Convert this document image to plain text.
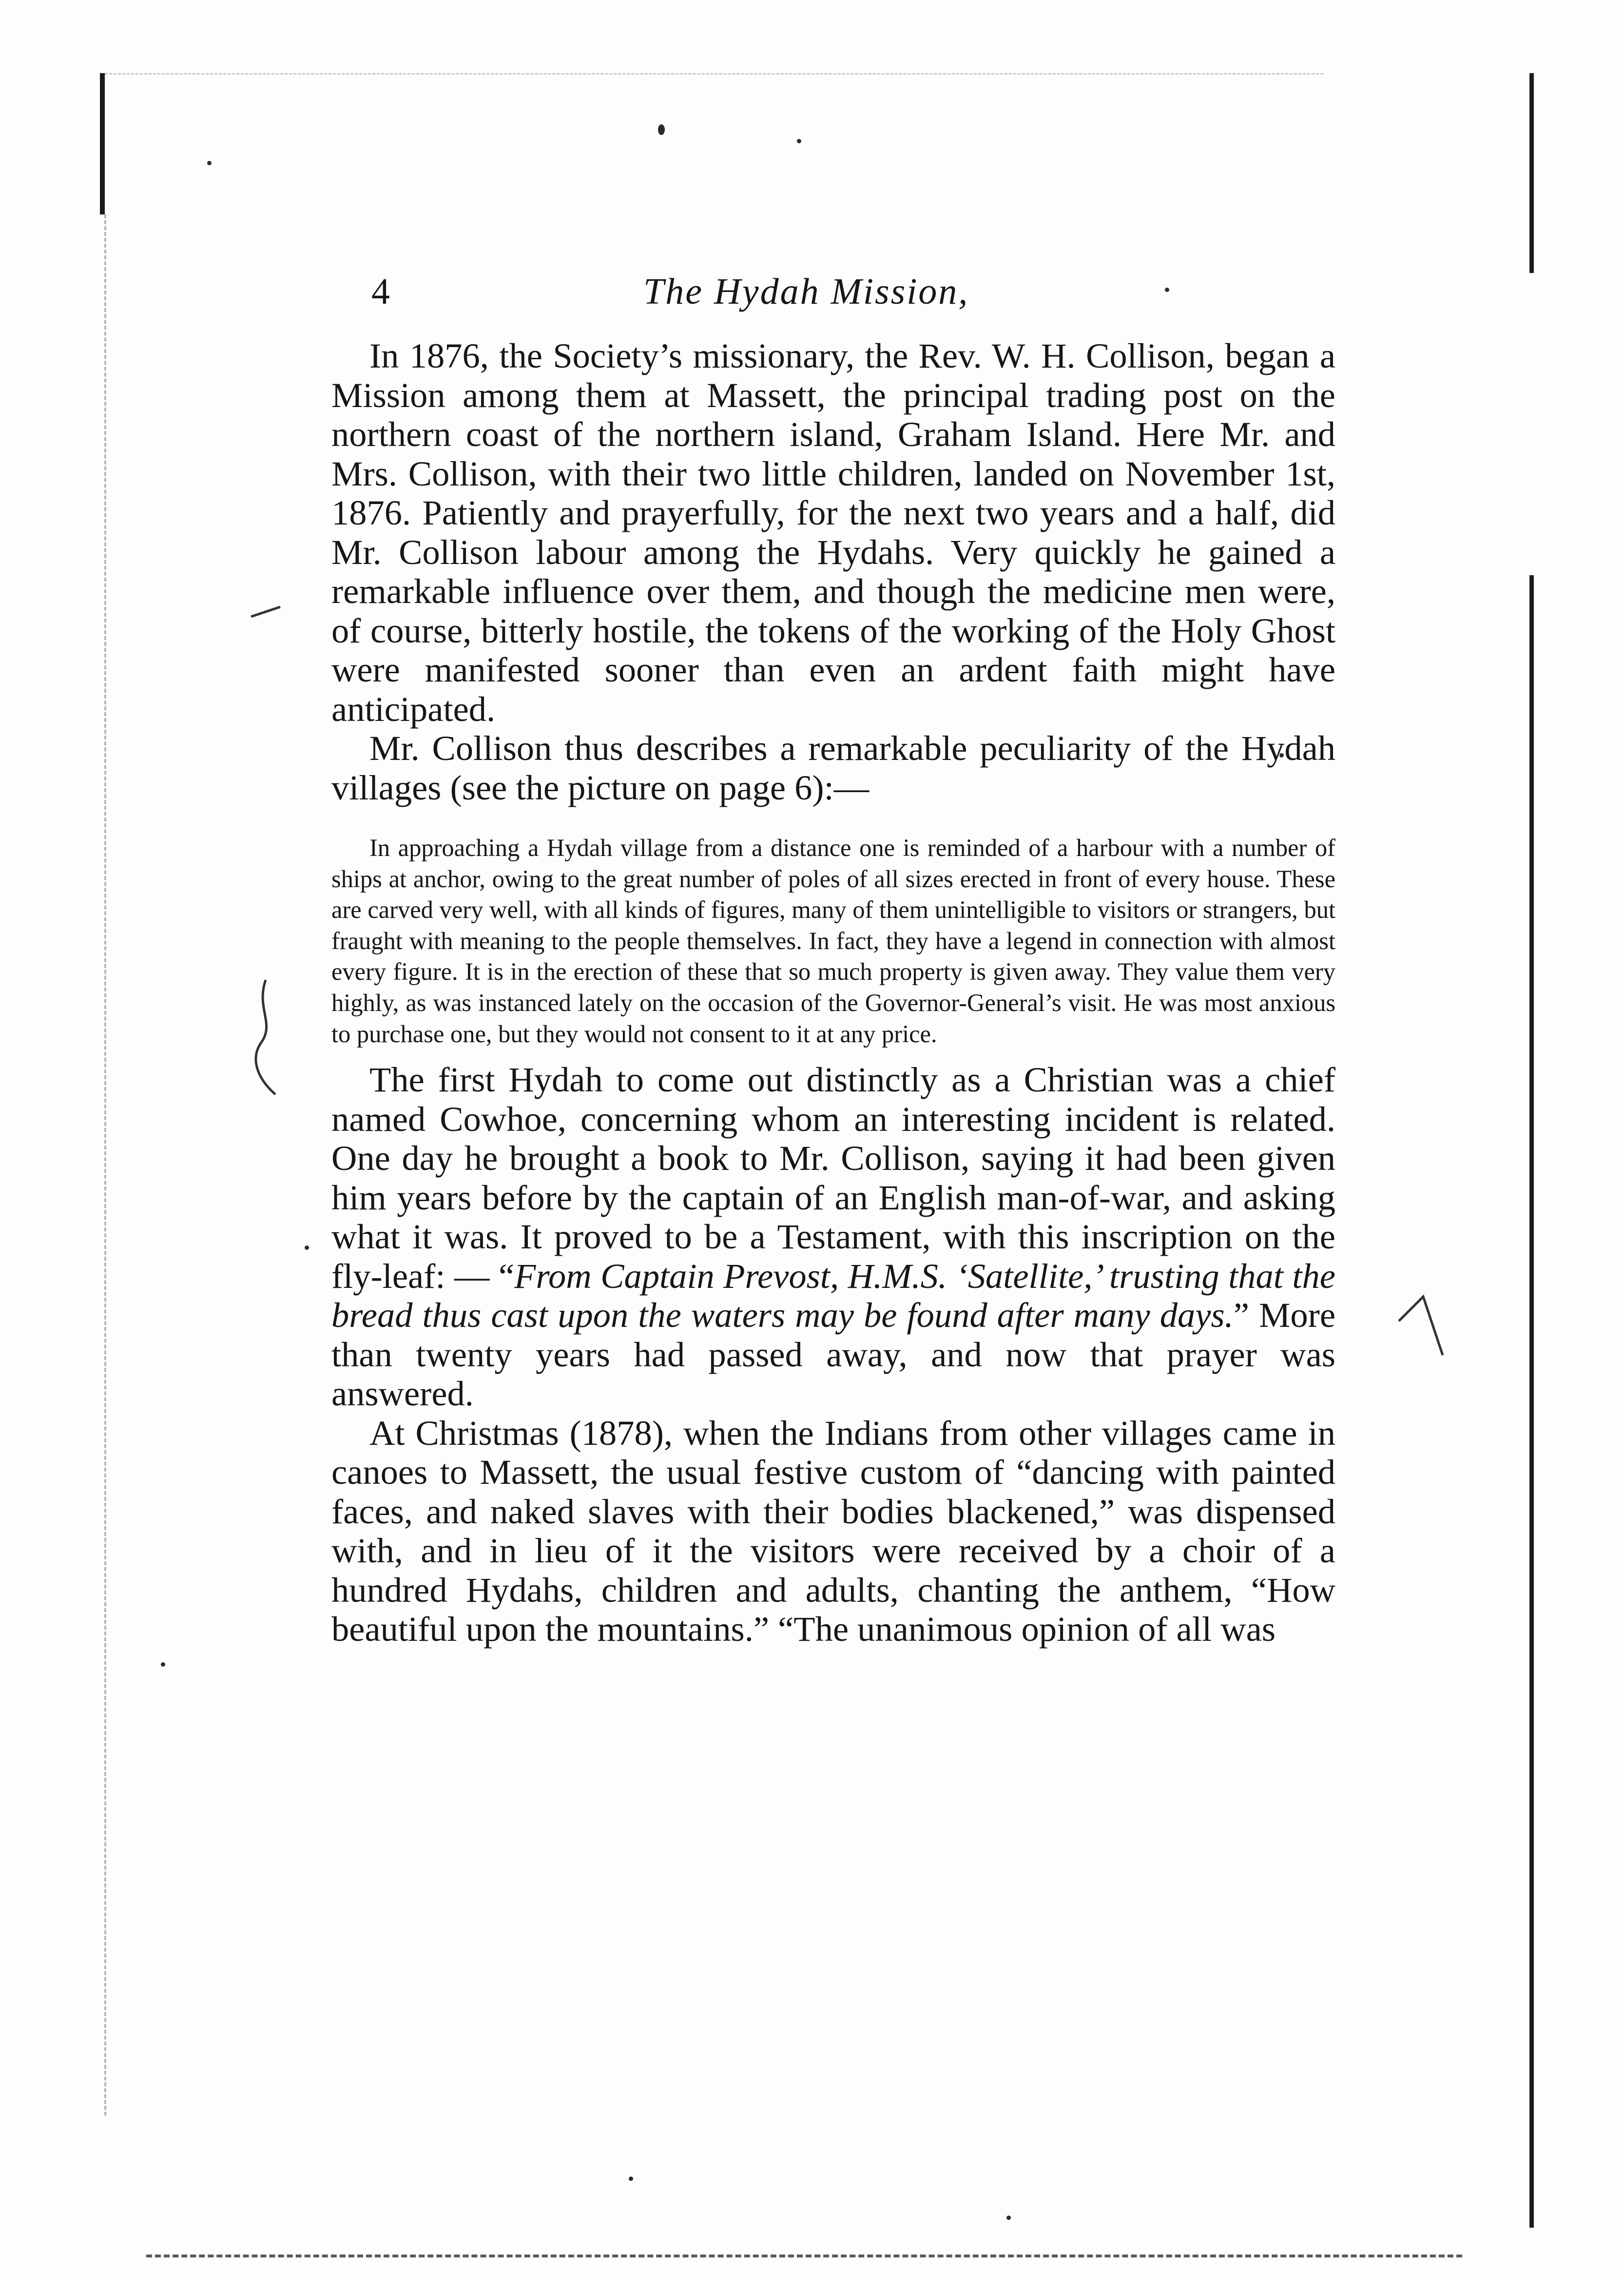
4	The Hydah Mission,

In 1876, the Society’s missionary, the Rev. W. H. Collison, began a Mission among them at Massett, the principal trading post on the northern coast of the northern island, Graham Island. Here Mr. and Mrs. Collison, with their two little children, landed on November 1st, 1876. Patiently and prayerfully, for the next two years and a half, did Mr. Collison labour among the Hydahs. Very quickly he gained a remarkable influence over them, and though the medicine men were, of course, bitterly hostile, the tokens of the working of the Holy Ghost were manifested sooner than even an ardent faith might have anticipated.

Mr. Collison thus describes a remarkable peculiarity of the Hydah villages (see the picture on page 6):—

In approaching a Hydah village from a distance one is reminded of a harbour with a number of ships at anchor, owing to the great number of poles of all sizes erected in front of every house. These are carved very well, with all kinds of figures, many of them unintelligible to visitors or strangers, but fraught with meaning to the people themselves. In fact, they have a legend in connection with almost every figure. It is in the erection of these that so much property is given away. They value them very highly, as was instanced lately on the occasion of the Governor-General’s visit. He was most anxious to purchase one, but they would not consent to it at any price.

The first Hydah to come out distinctly as a Christian was a chief named Cowhoe, concerning whom an interesting incident is related. One day he brought a book to Mr. Collison, saying it had been given him years before by the captain of an English man-of-war, and asking what it was. It proved to be a Testament, with this inscription on the fly-leaf: — “From Captain Prevost, H.M.S. ‘Satellite,’ trusting that the bread thus cast upon the waters may be found after many days.” More than twenty years had passed away, and now that prayer was answered.

At Christmas (1878), when the Indians from other villages came in canoes to Massett, the usual festive custom of “dancing with painted faces, and naked slaves with their bodies blackened,” was dispensed with, and in lieu of it the visitors were received by a choir of a hundred Hydahs, children and adults, chanting the anthem, “How beautiful upon the mountains.” “The unanimous opinion of all was
